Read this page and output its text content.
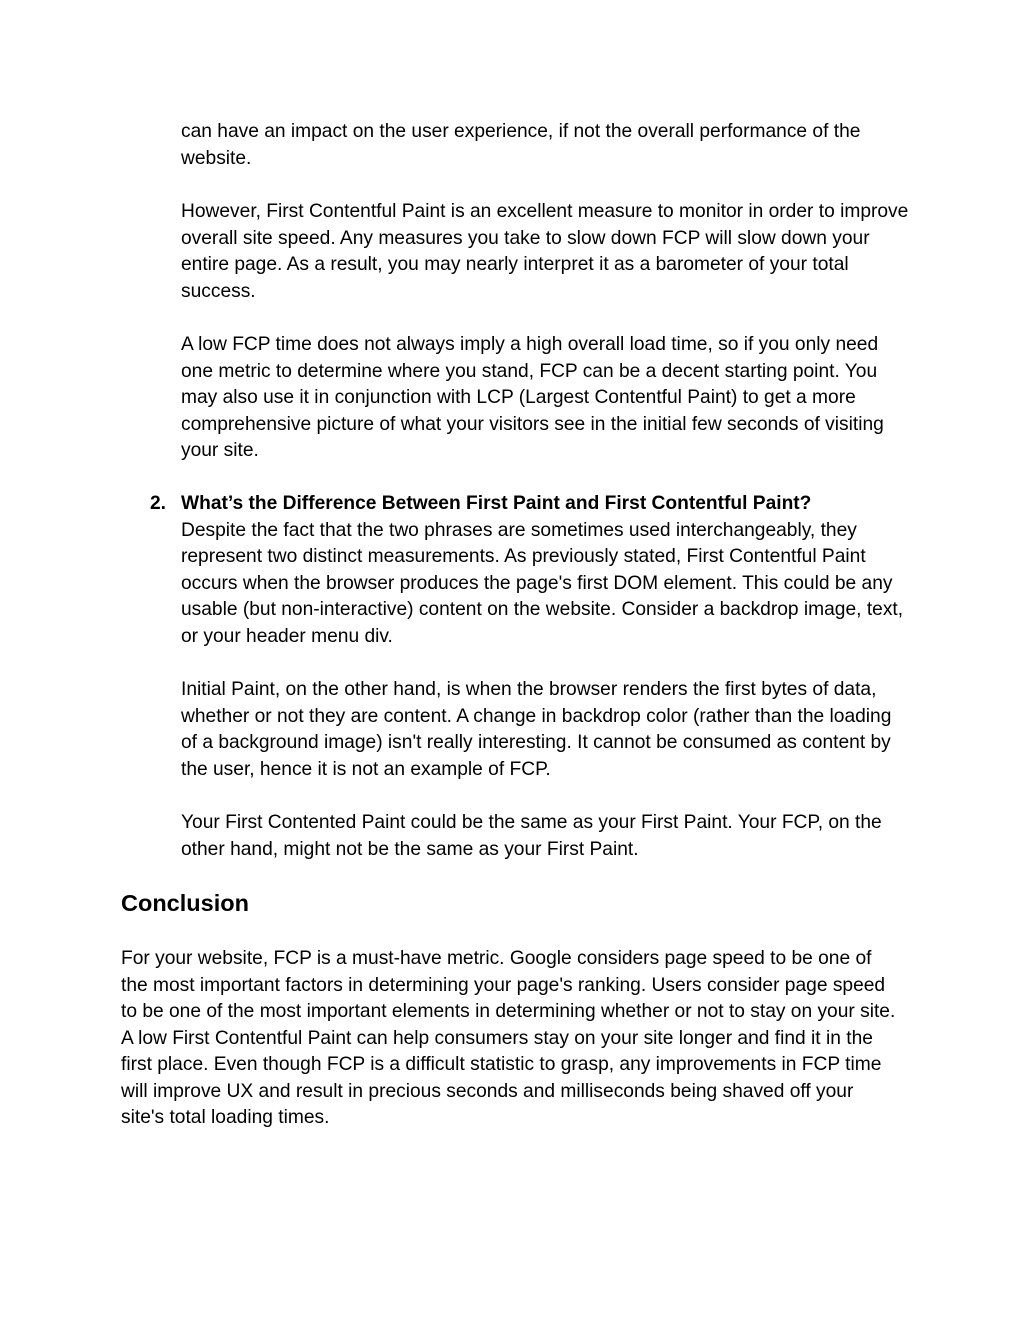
can have an impact on the user experience, if not the overall performance of the website.

However, First Contentful Paint is an excellent measure to monitor in order to improve overall site speed. Any measures you take to slow down FCP will slow down your entire page. As a result, you may nearly interpret it as a barometer of your total success.

A low FCP time does not always imply a high overall load time, so if you only need one metric to determine where you stand, FCP can be a decent starting point. You may also use it in conjunction with LCP (Largest Contentful Paint) to get a more comprehensive picture of what your visitors see in the initial few seconds of visiting your site.

2. What’s the Difference Between First Paint and First Contentful Paint?
Despite the fact that the two phrases are sometimes used interchangeably, they represent two distinct measurements. As previously stated, First Contentful Paint occurs when the browser produces the page's first DOM element. This could be any usable (but non-interactive) content on the website. Consider a backdrop image, text, or your header menu div.

Initial Paint, on the other hand, is when the browser renders the first bytes of data, whether or not they are content. A change in backdrop color (rather than the loading of a background image) isn't really interesting. It cannot be consumed as content by the user, hence it is not an example of FCP.

Your First Contented Paint could be the same as your First Paint. Your FCP, on the other hand, might not be the same as your First Paint.

Conclusion

For your website, FCP is a must-have metric. Google considers page speed to be one of the most important factors in determining your page's ranking. Users consider page speed to be one of the most important elements in determining whether or not to stay on your site. A low First Contentful Paint can help consumers stay on your site longer and find it in the first place. Even though FCP is a difficult statistic to grasp, any improvements in FCP time will improve UX and result in precious seconds and milliseconds being shaved off your site's total loading times.
